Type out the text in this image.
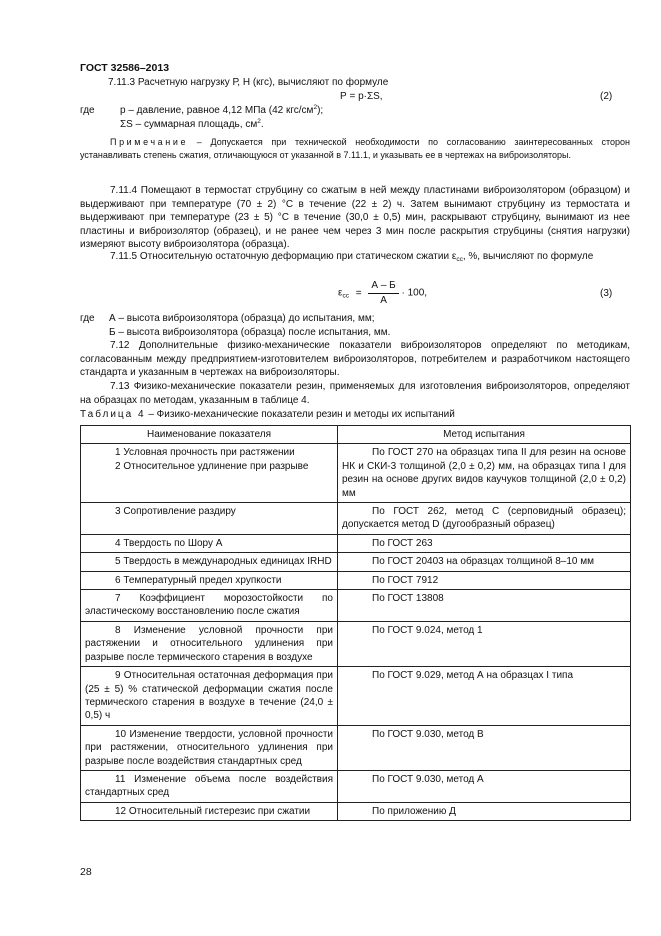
ГОСТ 32586–2013
7.11.3 Расчетную нагрузку Р, Н (кгс), вычисляют по формуле
Р = р·ΣS,	(2)
где	р – давление, равное 4,12 МПа (42 кгс/$см^2$);
ΣS – суммарная площадь, $см^2$.
Примечание – Допускается при технической необходимости по согласованию заинтересованных сторон устанавливать степень сжатия, отличающуюся от указанной в 7.11.1, и указывать ее в чертежах на виброизоляторы.
7.11.4 Помещают в термостат струбцину со сжатым в ней между пластинами виброизолятором (образцом) и выдерживают при температуре (70 ± 2) °С в течение (22 ± 2) ч. Затем вынимают струбцину из термостата и выдерживают при температуре (23 ± 5) °С в течение (30,0 ± 0,5) мин, раскрывают струбцину, вынимают из нее пластины и виброизолятор (образец), и не ранее чем через 3 мин после раскрытия струбцины (снятия нагрузки) измеряют высоту виброизолятора (образца).
7.11.5 Относительную остаточную деформацию при статическом сжатии $\varepsilon_{сс}$, %, вычисляют по формуле
$\varepsilon_{сс} = \frac{А - Б}{А} \cdot 100$,	(3)
где А – высота виброизолятора (образца) до испытания, мм;
Б – высота виброизолятора (образца) после испытания, мм.
7.12 Дополнительные физико-механические показатели виброизоляторов определяют по методикам, согласованным между предприятием-изготовителем виброизоляторов, потребителем и разработчиком настоящего стандарта и указанным в чертежах на виброизоляторы.
7.13 Физико-механические показатели резин, применяемых для изготовления виброизоляторов, определяют на образцах по методам, указанным в таблице 4.
Таблица 4 – Физико-механические показатели резин и методы их испытаний
Наименование показателя	Метод испытания

1 Условная прочность при растяжении
2 Относительное удлинение при разрыве	По ГОСТ 270 на образцах типа II для резин на основе НК и СКИ-3 толщиной (2,0 ± 0,2) мм, на образцах типа I для резин на основе других видов каучуков толщиной (2,0 ± 0,2) мм
3 Сопротивление раздиру	По ГОСТ 262, метод С (серповидный образец); допускается метод D (дугообразный образец)
4 Твердость по Шору А	По ГОСТ 263
5 Твердость в международных единицах IRHD	По ГОСТ 20403 на образцах толщиной 8–10 мм
6 Температурный предел хрупкости	По ГОСТ 7912
7 Коэффициент морозостойкости по эластическому восстановлению после сжатия	По ГОСТ 13808
8 Изменение условной прочности при растяжении и относительного удлинения при разрыве после термического старения в воздухе	По ГОСТ 9.024, метод 1
9 Относительная остаточная деформация при (25 ± 5) % статической деформации сжатия после термического старения в воздухе в течение (24,0 ± 0,5) ч	По ГОСТ 9.029, метод А на образцах I типа
10 Изменение твердости, условной прочности при растяжении, относительного удлинения при разрыве после воздействия стандартных сред	По ГОСТ 9.030, метод В
11 Изменение объема после воздействия стандартных сред	По ГОСТ 9.030, метод А
12 Относительный гистерезис при сжатии	По приложению Д
28
